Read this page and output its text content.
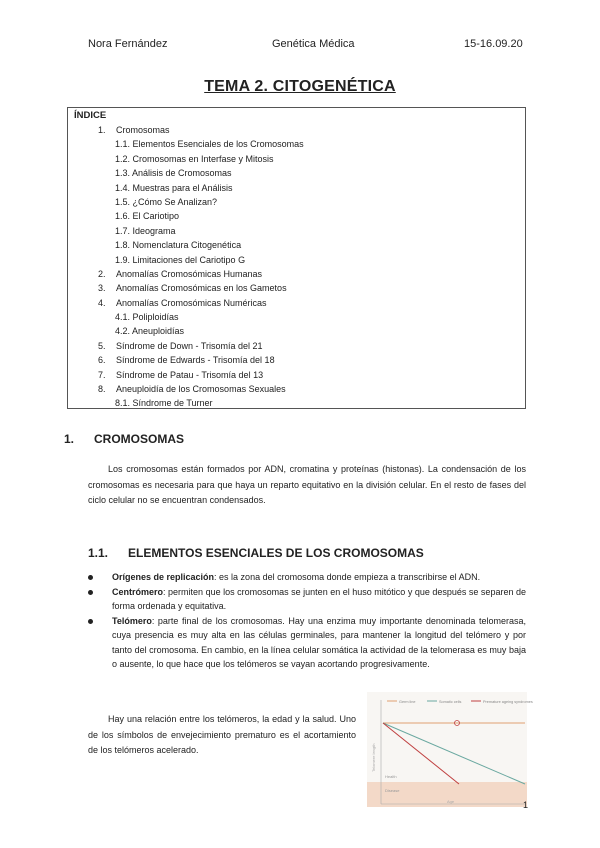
Nora Fernández	Genética Médica	15-16.09.20
TEMA 2. CITOGENÉTICA
ÍNDICE
1. Cromosomas
1.1. Elementos Esenciales de los Cromosomas
1.2. Cromosomas en Interfase y Mitosis
1.3. Análisis de Cromosomas
1.4. Muestras para el Análisis
1.5. ¿Cómo Se Analizan?
1.6. El Cariotipo
1.7. Ideograma
1.8. Nomenclatura Citogenética
1.9. Limitaciones del Cariotipo G
2. Anomalías Cromosómicas Humanas
3. Anomalías Cromosómicas en los Gametos
4. Anomalías Cromosómicas Numéricas
4.1. Poliploidías
4.2. Aneuploidías
5. Síndrome de Down - Trisomía del 21
6. Síndrome de Edwards - Trisomía del 18
7. Síndrome de Patau - Trisomía del 13
8. Aneuploidía de los Cromosomas Sexuales
8.1. Síndrome de Turner
1. CROMOSOMAS
Los cromosomas están formados por ADN, cromatina y proteínas (histonas). La condensación de los cromosomas es necesaria para que haya un reparto equitativo en la división celular. En el resto de fases del ciclo celular no se encuentran condensados.
1.1. ELEMENTOS ESENCIALES DE LOS CROMOSOMAS
Orígenes de replicación: es la zona del cromosoma donde empieza a transcribirse el ADN.
Centrómero: permiten que los cromosomas se junten en el huso mitótico y que después se separen de forma ordenada y equitativa.
Telómero: parte final de los cromosomas. Hay una enzima muy importante denominada telomerasa, cuya presencia es muy alta en las células germinales, para mantener la longitud del telómero y por tanto del cromosoma. En cambio, en la línea celular somática la actividad de la telomerasa es muy baja o ausente, lo que hace que los telómeros se vayan acortando progresivamente.
Hay una relación entre los telómeros, la edad y la salud. Uno de los símbolos de envejecimiento prematuro es el acortamiento de los telómeros acelerado.
Germ line	Somatic cells	Premature ageing syndromes
Telomere length
Age
Health
Disease
1
